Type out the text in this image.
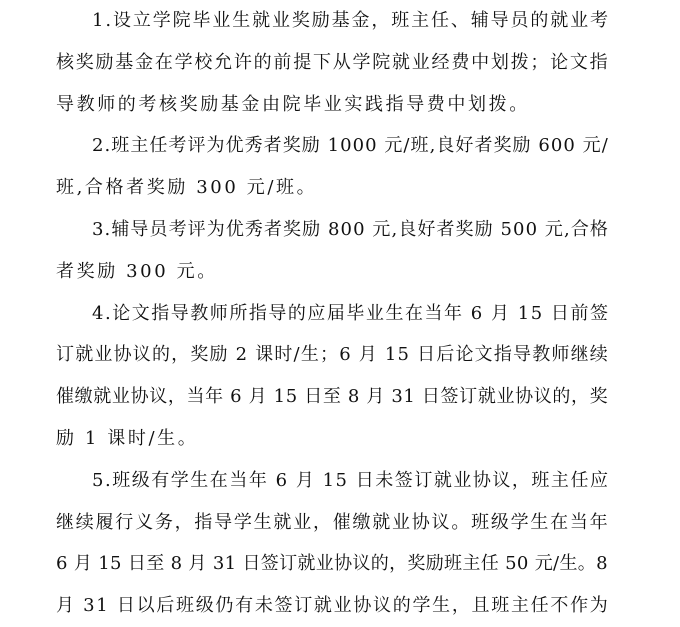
1 . 设 立 学 院 毕 业 生 就 业 奖 励 基 金 ， 班 主 任 、 辅 导 员 的 就 业 考
核 奖 励 基 金 在 学 校 允 许 的 前 提 下 从 学 院 就 业 经 费 中 划 拨 ； 论 文 指
导教师的考核奖励基金由院毕业实践指导费中划拨。
2 . 班 主 任 考 评 为 优 秀 者 奖 励
1 0 0 0
元 / 班 , 良 好 者 奖 励
6 0 0
元 /
班,合格者奖励 300 元/班。
3 . 辅 导 员 考 评 为 优 秀 者 奖 励
8 0 0
元 , 良 好 者 奖 励
5 0 0
元 , 合 格
者奖励 300 元。
4 . 论 文 指 导 教 师 所 指 导 的 应 届 毕 业 生 在 当 年
6
月
1 5
日 前 签
订 就 业 协 议 的 ， 奖 励
2
课 时 / 生 ； 6
月
1 5
日 后 论 文 指 导 教 师 继 续
催 缴 就 业 协 议 ， 当 年
6
月
1 5
日 至
8
月
3 1
日 签 订 就 业 协 议 的 ， 奖
励 1 课时/生。
5 . 班 级 有 学 生 在 当 年
6
月
1 5
日 未 签 订 就 业 协 议 ， 班 主 任 应
继 续 履 行 义 务 ， 指 导 学 生 就 业 ， 催 缴 就 业 协 议 。 班 级 学 生 在 当 年
6
月
1 5
日 至
8
月
3 1
日 签 订 就 业 协 议 的 ， 奖 励 班 主 任
5 0
元 / 生 。 8
月
3 1
日 以 后 班 级 仍 有 未 签 订 就 业 协 议 的 学 生 ， 且 班 主 任 不 作 为
